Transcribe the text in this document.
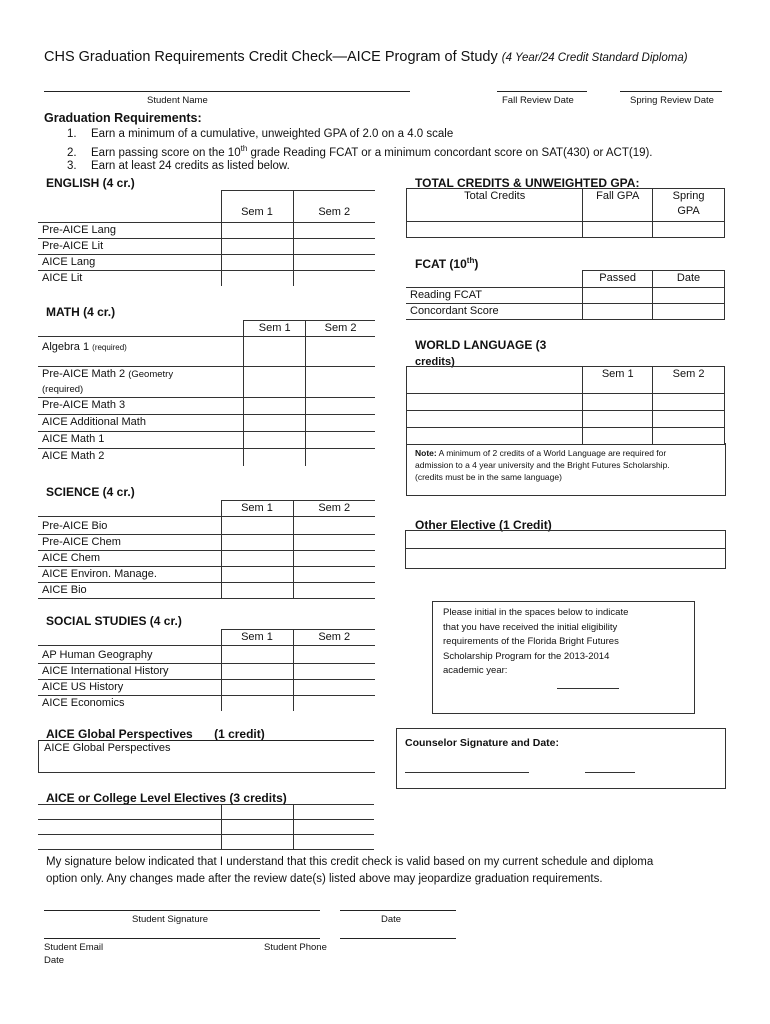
CHS Graduation Requirements Credit Check—AICE Program of Study (4 Year/24 Credit Standard Diploma)
Student Name	Fall Review Date	Spring Review Date
Graduation Requirements:
1. Earn a minimum of a cumulative, unweighted GPA of 2.0 on a 4.0 scale
2. Earn passing score on the 10th grade Reading FCAT or a minimum concordant score on SAT(430) or ACT(19).
3. Earn at least 24 credits as listed below.
ENGLISH (4 cr.)
	Sem 1	Sem 2
Pre-AICE Lang		
Pre-AICE Lit		
AICE Lang		
AICE Lit		
MATH (4 cr.)
	Sem 1	Sem 2
Algebra 1 (required)		
Pre-AICE Math 2 (Geometry
(required)		
Pre-AICE Math 3		
AICE Additional Math		
AICE Math 1		
AICE Math 2		
SCIENCE (4 cr.)
	Sem 1	Sem 2
Pre-AICE Bio		
Pre-AICE Chem		
AICE Chem		
AICE Environ. Manage.		
AICE Bio		
SOCIAL STUDIES (4 cr.)
	Sem 1	Sem 2
AP Human Geography		
AICE International History		
AICE US History		
AICE Economics		
AICE Global Perspectives (1 credit)
AICE Global Perspectives
AICE or College Level Electives (3 credits)

TOTAL CREDITS & UNWEIGHTED GPA:
Total Credits	Fall GPA	Spring
GPA

FCAT (10th)
	Passed	Date
Reading FCAT		
Concordant Score		
WORLD LANGUAGE (3
credits)
	Sem 1	Sem 2

Note: A minimum of 2 credits of a World Language are required for
admission to a 4 year university and the Bright Futures Scholarship.
(credits must be in the same language)
Other Elective (1 Credit)
Please initial in the spaces below to indicate
that you have received the initial eligibility
requirements of the Florida Bright Futures
Scholarship Program for the 2013-2014
academic year:
Counselor Signature and Date:
My signature below indicated that I understand that this credit check is valid based on my current schedule and diploma
option only. Any changes made after the review date(s) listed above may jeopardize graduation requirements.
Student Signature	Date
Student Email	Student Phone
Date
